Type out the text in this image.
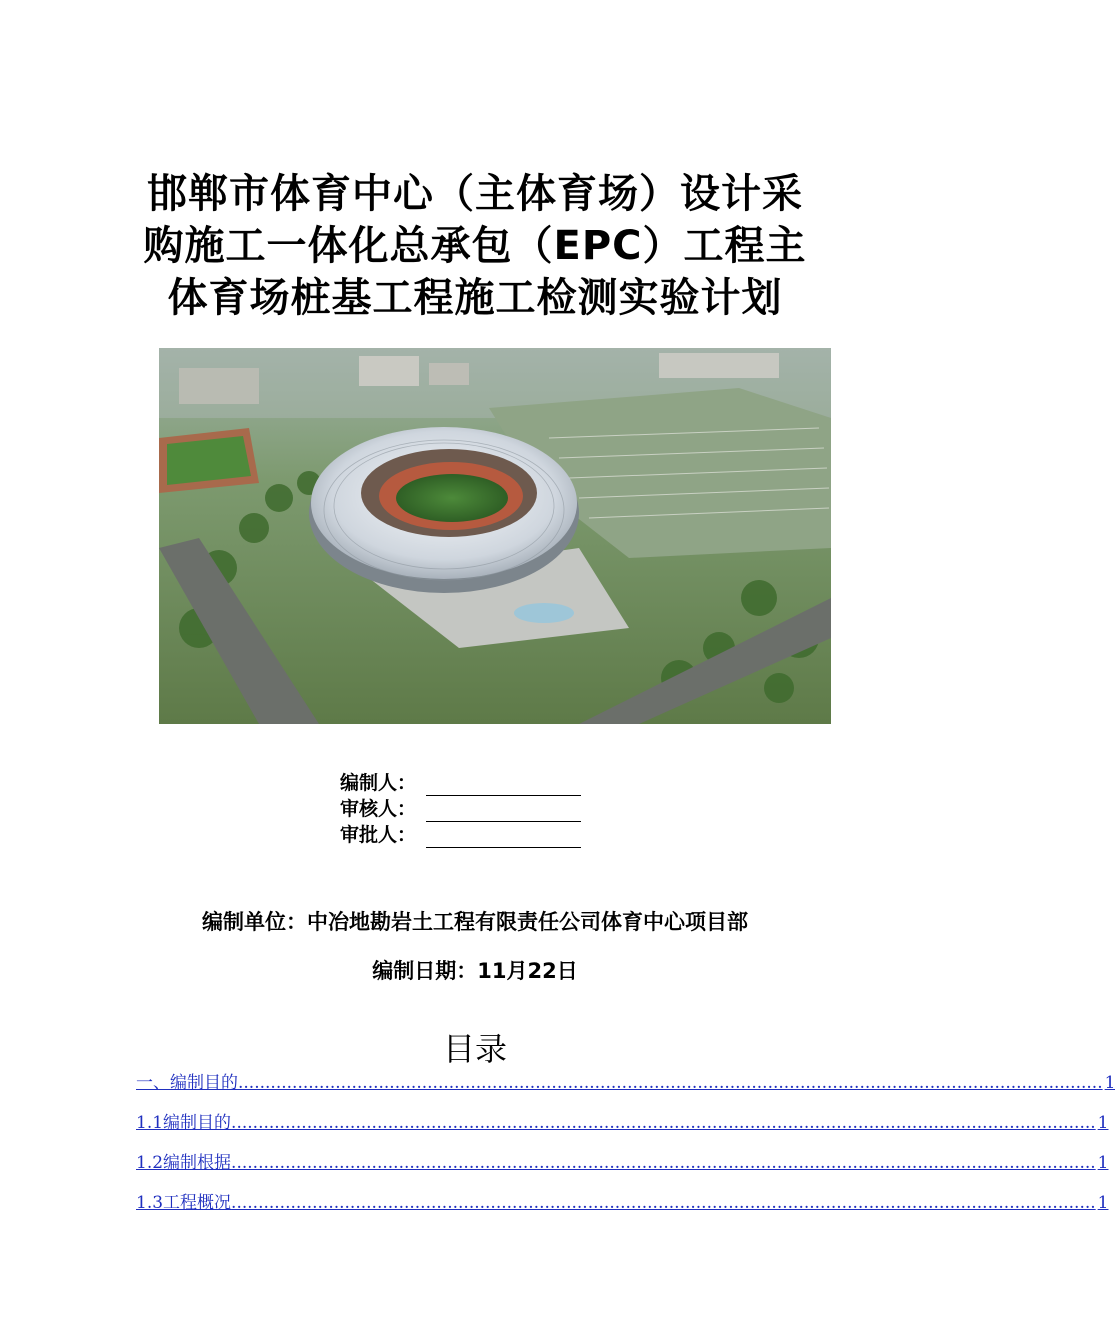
邯郸市体育中心（主体育场）设计采
购施工一体化总承包（EPC）工程主
体育场桩基工程施工检测实验计划
编制人：
审核人：
审批人：
编制单位：中冶地勘岩土工程有限责任公司体育中心项目部
编制日期：11月22日
目录
一、编制目的 ................................................................................................................................................................ 1
1.1编制目的 ................................................................................................................................................................ 1
1.2编制根据 ................................................................................................................................................................ 1
1.3工程概况 ................................................................................................................................................................ 1
